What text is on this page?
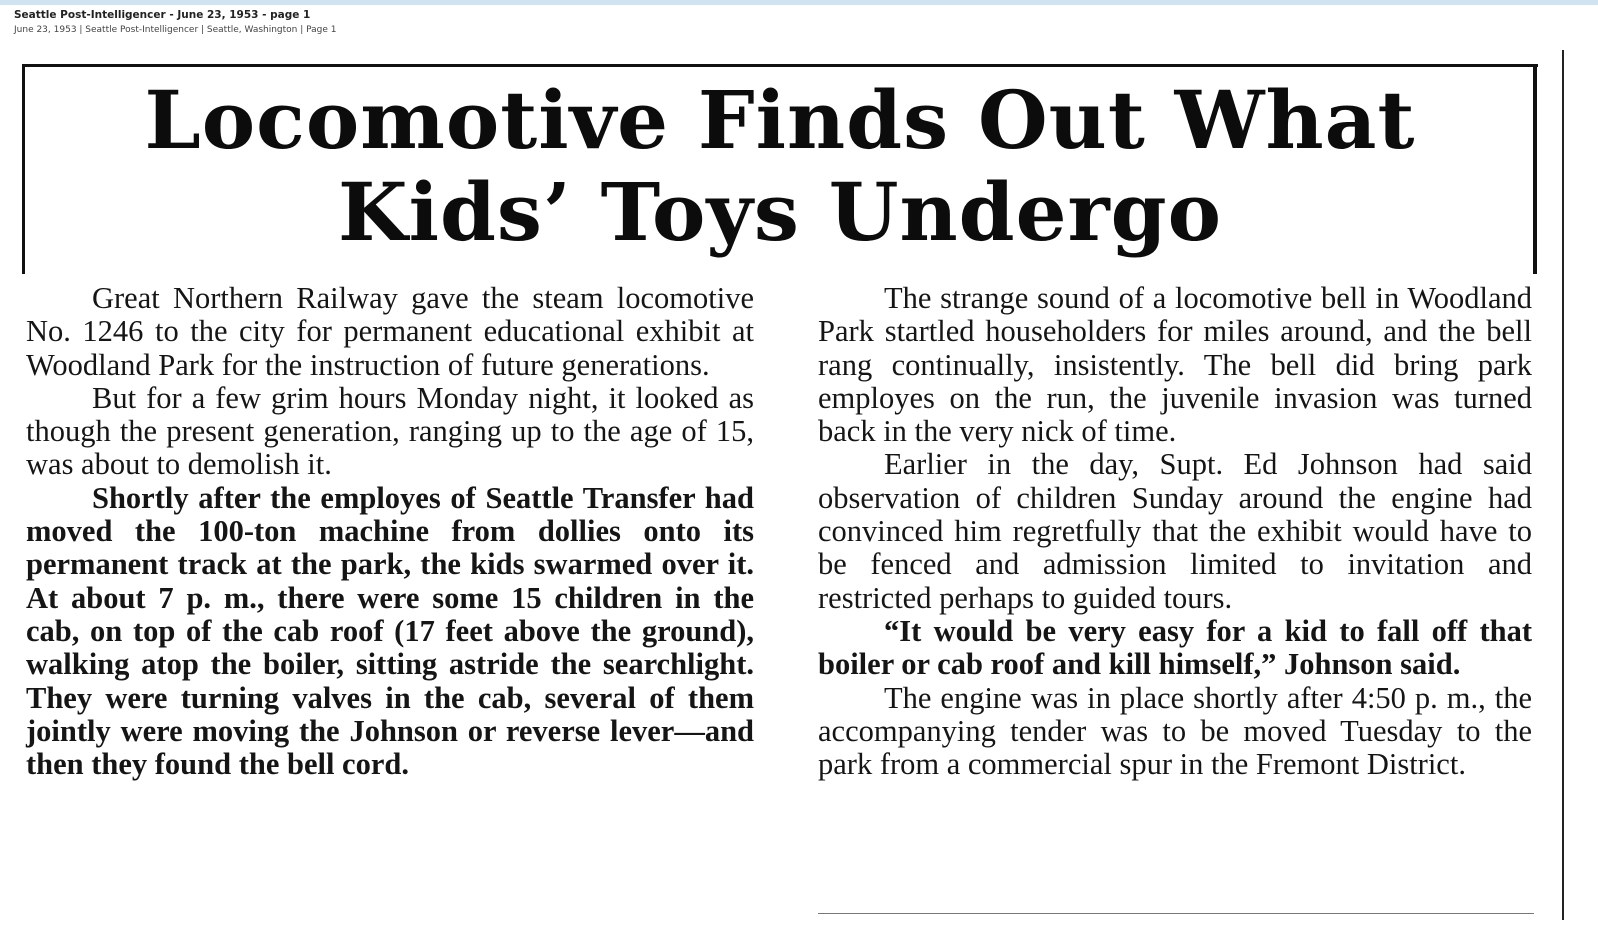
Seattle Post-Intelligencer - June 23, 1953 - page 1
June 23, 1953 | Seattle Post-Intelligencer | Seattle, Washington | Page 1
Locomotive Finds Out What
Kids’ Toys Undergo

Great Northern Railway gave the steam locomotive No. 1246 to the city for permanent educational exhibit at Woodland Park for the instruction of future generations.

But for a few grim hours Monday night, it looked as though the present generation, ranging up to the age of 15, was about to demolish it.

Shortly after the employes of Seattle Transfer had moved the 100-ton machine from dollies onto its permanent track at the park, the kids swarmed over it. At about 7 p. m., there were some 15 children in the cab, on top of the cab roof (17 feet above the ground), walking atop the boiler, sitting astride the searchlight. They were turning valves in the cab, several of them jointly were moving the Johnson or reverse lever—and then they found the bell cord.

The strange sound of a locomotive bell in Woodland Park startled householders for miles around, and the bell rang continually, insistently. The bell did bring park employes on the run, the juvenile invasion was turned back in the very nick of time.

Earlier in the day, Supt. Ed Johnson had said observation of children Sunday around the engine had convinced him regretfully that the exhibit would have to be fenced and admission limited to invitation and restricted perhaps to guided tours.

“It would be very easy for a kid to fall off that boiler or cab roof and kill himself,” Johnson said.

The engine was in place shortly after 4:50 p. m., the accompanying tender was to be moved Tuesday to the park from a commercial spur in the Fremont District.
